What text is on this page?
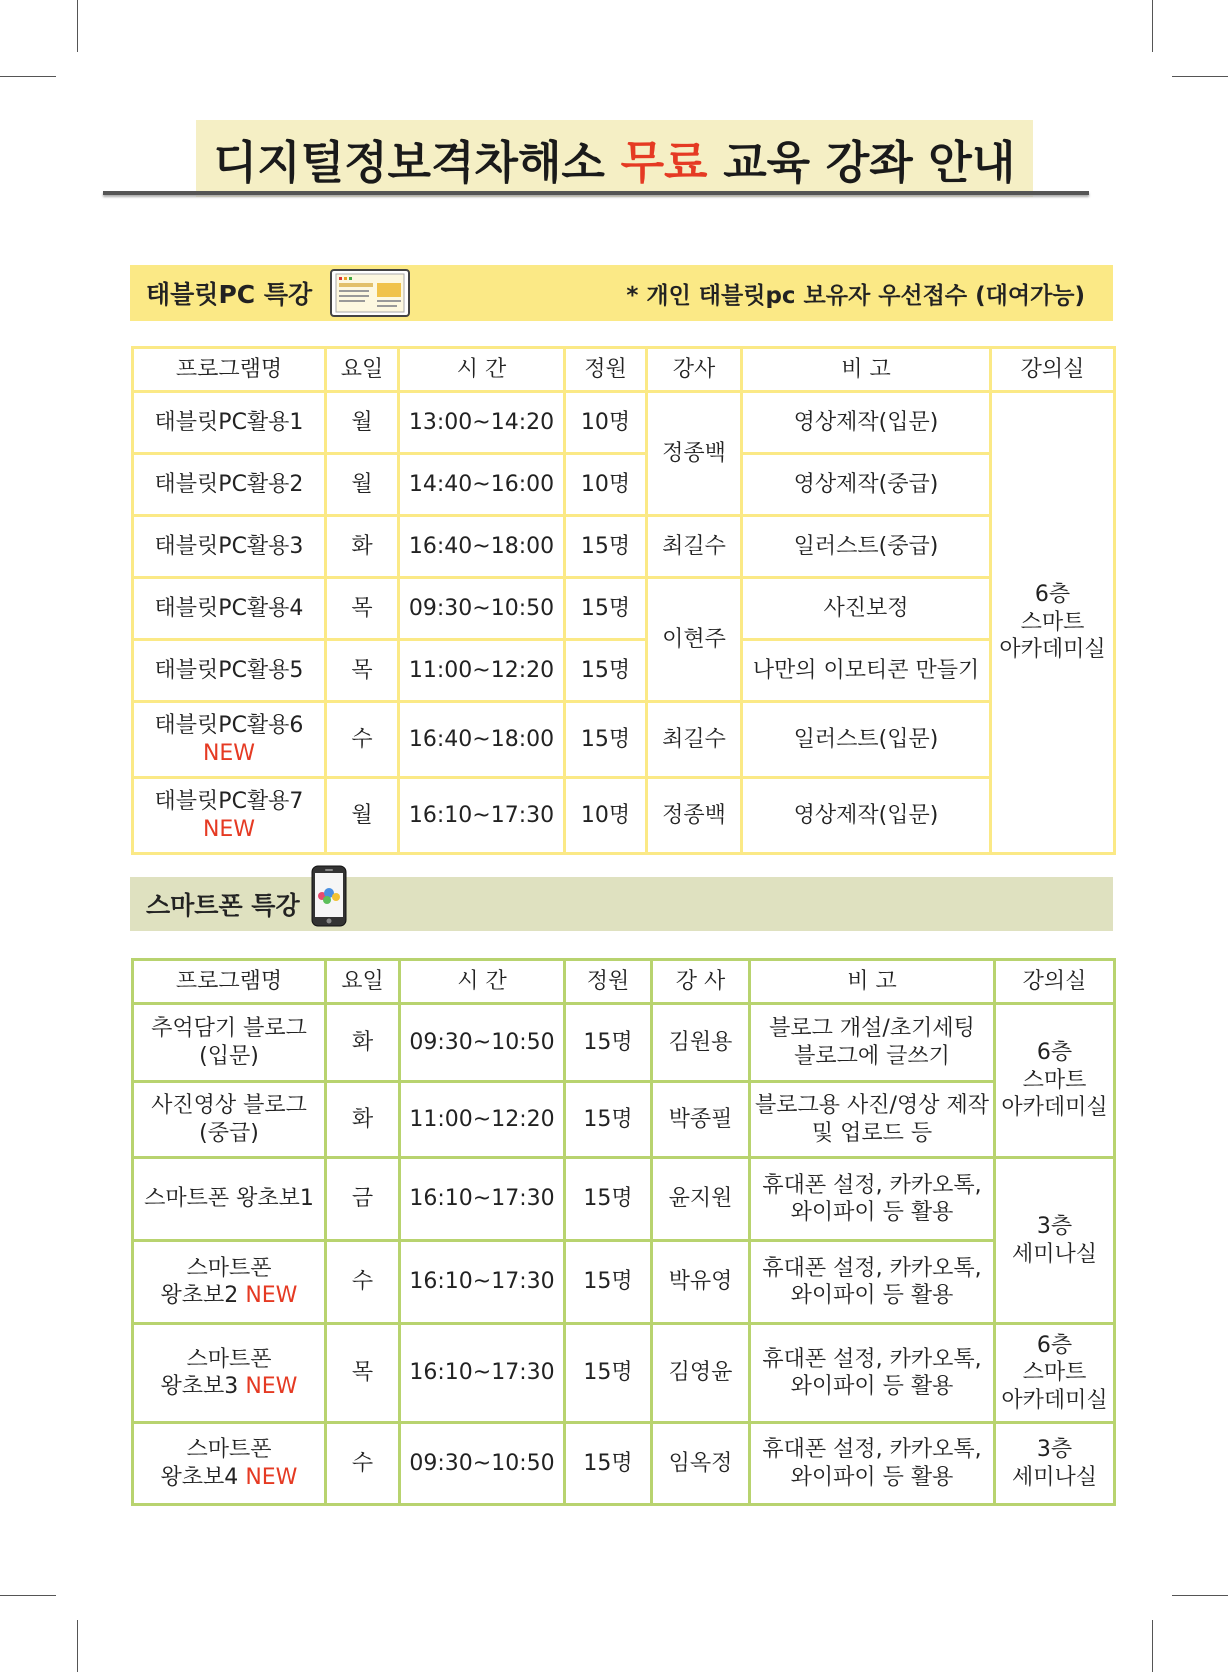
디지털정보격차해소 무료 교육 강좌 안내
태블릿PC 특강	* 개인 태블릿pc 보유자 우선접수 (대여가능)
프로그램명	요일	시 간	정원	강사	비 고	강의실
태블릿PC활용1	월	13:00~14:20	10명	정종백	영상제작(입문)	6층
스마트
아카데미실
태블릿PC활용2	월	14:40~16:00	10명		영상제작(중급)	
태블릿PC활용3	화	16:40~18:00	15명	최길수	일러스트(중급)	
태블릿PC활용4	목	09:30~10:50	15명	이현주	사진보정	
태블릿PC활용5	목	11:00~12:20	15명		나만의 이모티콘 만들기	
태블릿PC활용6
NEW	수	16:40~18:00	15명	최길수	일러스트(입문)	
태블릿PC활용7
NEW	월	16:10~17:30	10명	정종백	영상제작(입문)	
스마트폰 특강
프로그램명	요일	시 간	정원	강 사	비 고	강의실
추억담기 블로그
(입문)	화	09:30~10:50	15명	김원용	블로그 개설/초기세팅
블로그에 글쓰기	6층
스마트
아카데미실
사진영상 블로그
(중급)	화	11:00~12:20	15명	박종필	블로그용 사진/영상 제작
및 업로드 등	
스마트폰 왕초보1	금	16:10~17:30	15명	윤지원	휴대폰 설정, 카카오톡,
와이파이 등 활용	3층
세미나실
스마트폰
왕초보2 NEW	수	16:10~17:30	15명	박유영	휴대폰 설정, 카카오톡,
와이파이 등 활용	
스마트폰
왕초보3 NEW	목	16:10~17:30	15명	김영윤	휴대폰 설정, 카카오톡,
와이파이 등 활용	6층
스마트
아카데미실
스마트폰
왕초보4 NEW	수	09:30~10:50	15명	임옥정	휴대폰 설정, 카카오톡,
와이파이 등 활용	3층
세미나실
